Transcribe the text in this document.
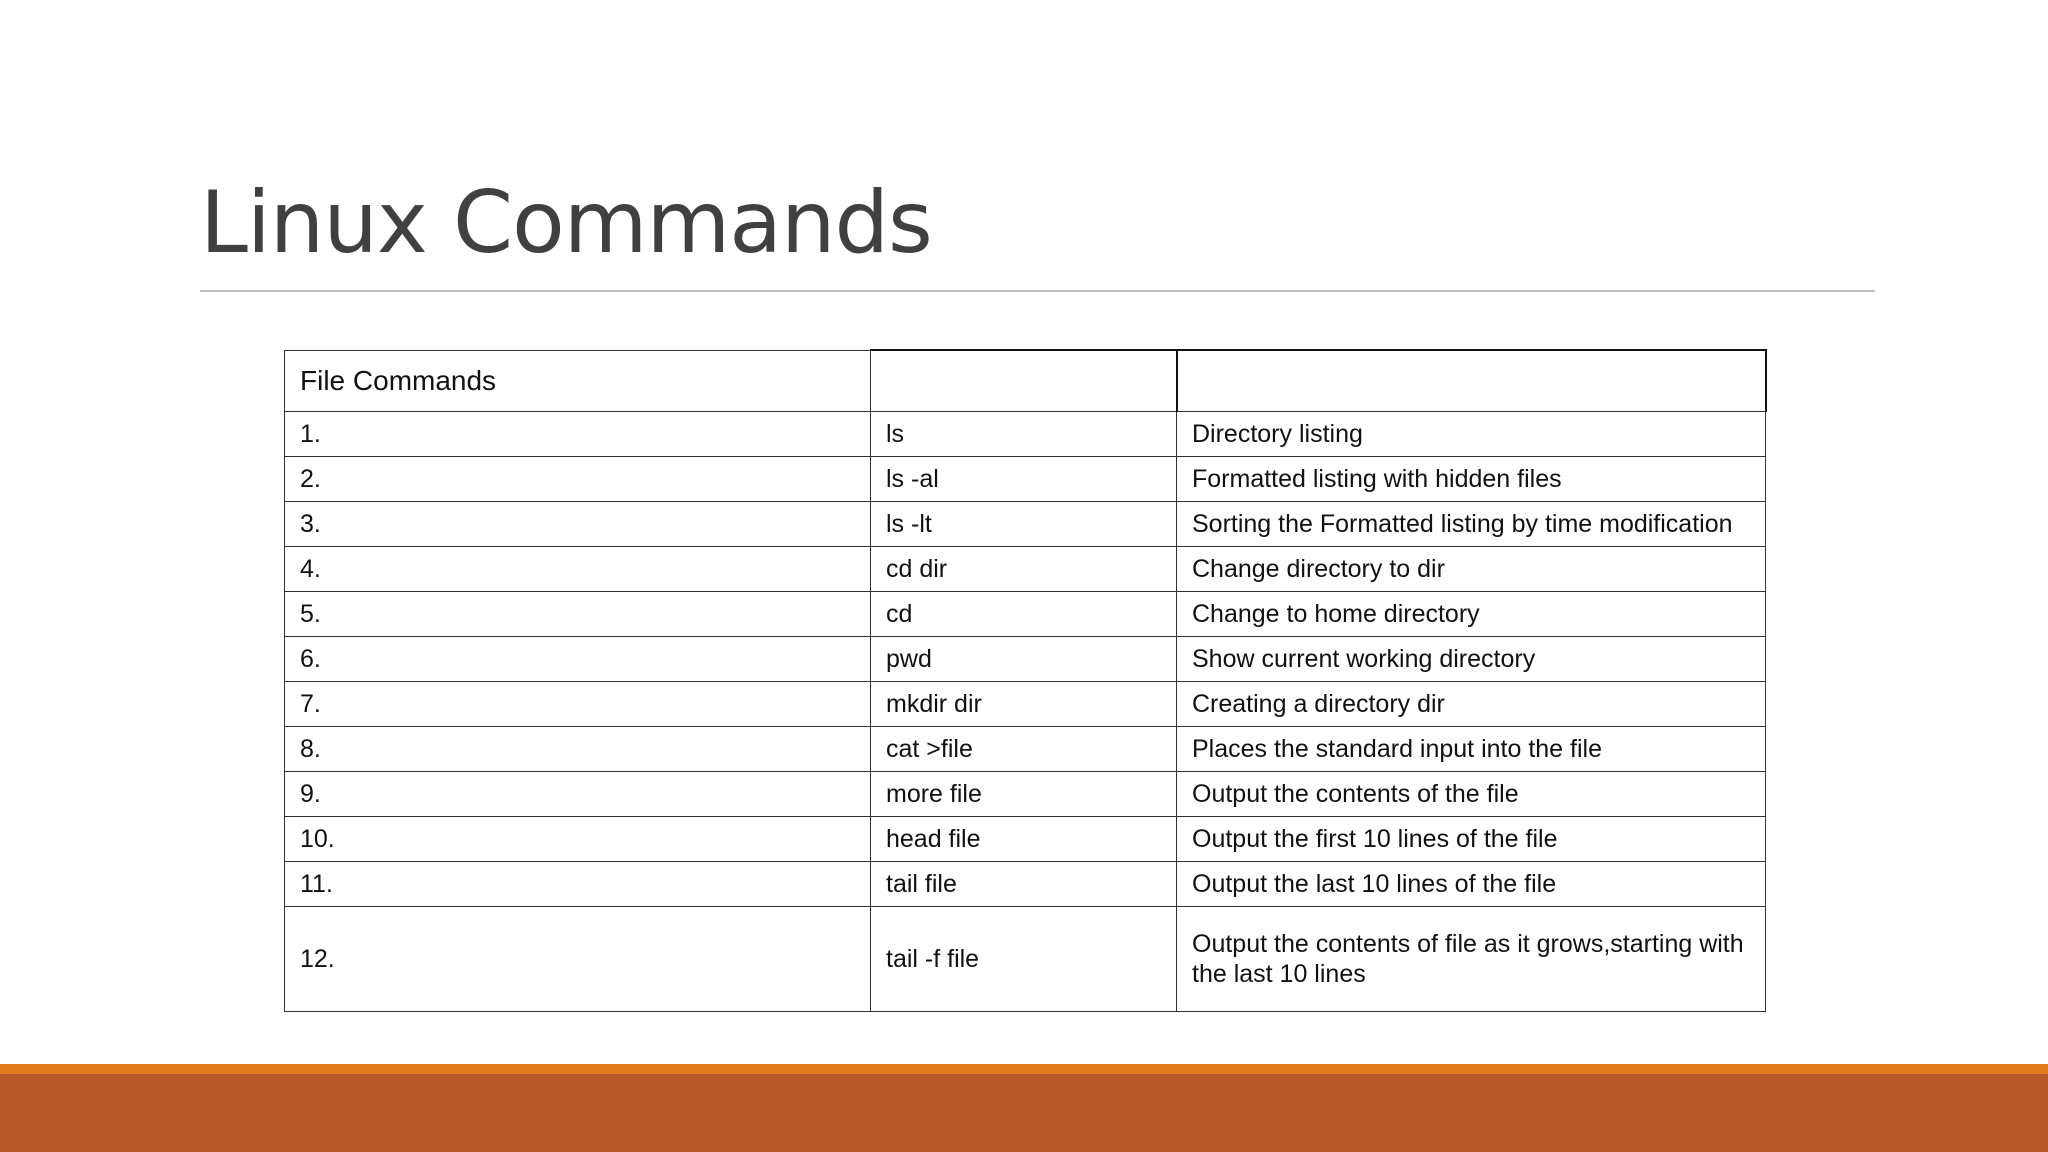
Linux Commands
File Commands		
1.	ls	Directory listing
2.	ls -al	Formatted listing with hidden files
3.	ls -lt	Sorting the Formatted listing by time modification
4.	cd dir	Change directory to dir
5.	cd	Change to home directory
6.	pwd	Show current working directory
7.	mkdir dir	Creating a directory dir
8.	cat >file	Places the standard input into the file
9.	more file	Output the contents of the file
10.	head file	Output the first 10 lines of the file
11.	tail file	Output the last 10 lines of the file
12.	tail -f file	Output the contents of file as it grows,starting with
the last 10 lines
